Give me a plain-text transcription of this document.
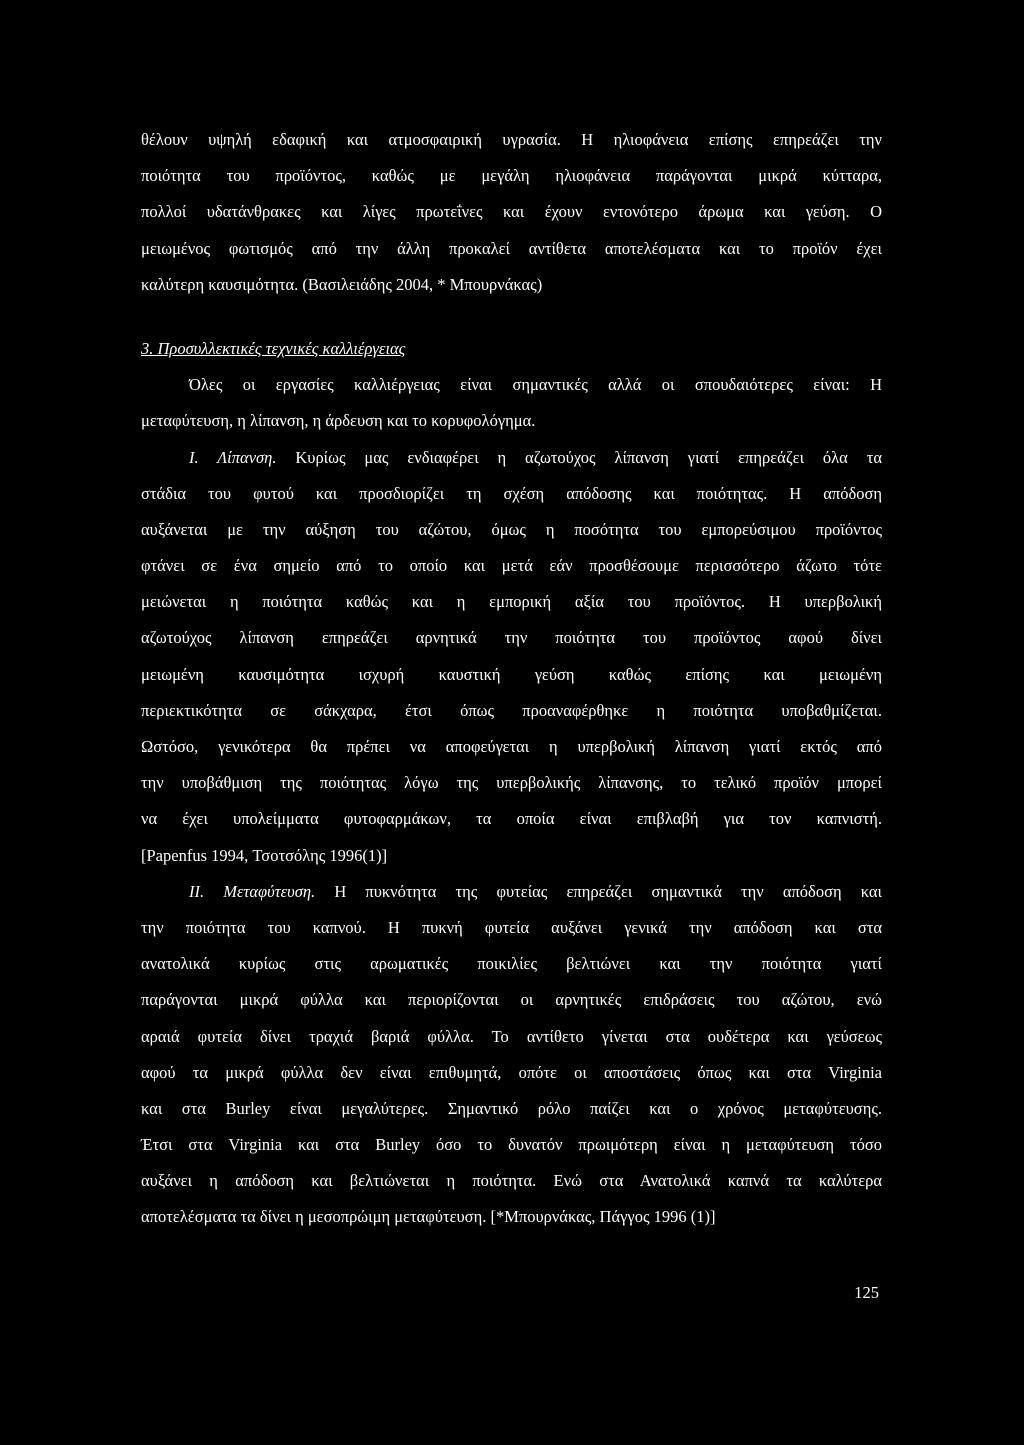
θέλουν υψηλή εδαφική και ατμοσφαιρική υγρασία. Η ηλιοφάνεια επίσης επηρεάζει την
ποιότητα του προϊόντος, καθώς με μεγάλη ηλιοφάνεια παράγονται μικρά κύτταρα,
πολλοί υδατάνθρακες και λίγες πρωτεΐνες και έχουν εντονότερο άρωμα και γεύση. Ο
μειωμένος φωτισμός από την άλλη προκαλεί αντίθετα αποτελέσματα και το προϊόν έχει
καλύτερη καυσιμότητα. (Βασιλειάδης 2004, * Μπουρνάκας)
3. Προσυλλεκτικές τεχνικές καλλιέργειας
Όλες οι εργασίες καλλιέργειας είναι σημαντικές αλλά οι σπουδαιότερες είναι: Η
μεταφύτευση, η λίπανση, η άρδευση και το κορυφολόγημα.
Ι. Λίπανση. Κυρίως μας ενδιαφέρει η αζωτούχος λίπανση γιατί επηρεάζει όλα τα
στάδια του φυτού και προσδιορίζει τη σχέση απόδοσης και ποιότητας. Η απόδοση
αυξάνεται με την αύξηση του αζώτου, όμως η ποσότητα του εμπορεύσιμου προϊόντος
φτάνει σε ένα σημείο από το οποίο και μετά εάν προσθέσουμε περισσότερο άζωτο τότε
μειώνεται η ποιότητα καθώς και η εμπορική αξία του προϊόντος. Η υπερβολική
αζωτούχος λίπανση επηρεάζει αρνητικά την ποιότητα του προϊόντος αφού δίνει
μειωμένη καυσιμότητα ισχυρή καυστική γεύση καθώς επίσης και μειωμένη
περιεκτικότητα σε σάκχαρα, έτσι όπως προαναφέρθηκε η ποιότητα υποβαθμίζεται.
Ωστόσο, γενικότερα θα πρέπει να αποφεύγεται η υπερβολική λίπανση γιατί εκτός από
την υποβάθμιση της ποιότητας λόγω της υπερβολικής λίπανσης, το τελικό προϊόν μπορεί
να έχει υπολείμματα φυτοφαρμάκων, τα οποία είναι επιβλαβή για τον καπνιστή.
[Papenfus 1994, Τσοτσόλης 1996(1)]
ΙΙ. Μεταφύτευση. Η πυκνότητα της φυτείας επηρεάζει σημαντικά την απόδοση και
την ποιότητα του καπνού. Η πυκνή φυτεία αυξάνει γενικά την απόδοση και στα
ανατολικά κυρίως στις αρωματικές ποικιλίες βελτιώνει και την ποιότητα γιατί
παράγονται μικρά φύλλα και περιορίζονται οι αρνητικές επιδράσεις του αζώτου, ενώ
αραιά φυτεία δίνει τραχιά βαριά φύλλα. Το αντίθετο γίνεται στα ουδέτερα και γεύσεως
αφού τα μικρά φύλλα δεν είναι επιθυμητά, οπότε οι αποστάσεις όπως και στα Virginia
και στα Burley είναι μεγαλύτερες. Σημαντικό ρόλο παίζει και ο χρόνος μεταφύτευσης.
Έτσι στα Virginia και στα Burley όσο το δυνατόν πρωιμότερη είναι η μεταφύτευση τόσο
αυξάνει η απόδοση και βελτιώνεται η ποιότητα. Ενώ στα Ανατολικά καπνά τα καλύτερα
αποτελέσματα τα δίνει η μεσοπρώιμη μεταφύτευση. [*Μπουρνάκας, Πάγγος 1996 (1)]
125
